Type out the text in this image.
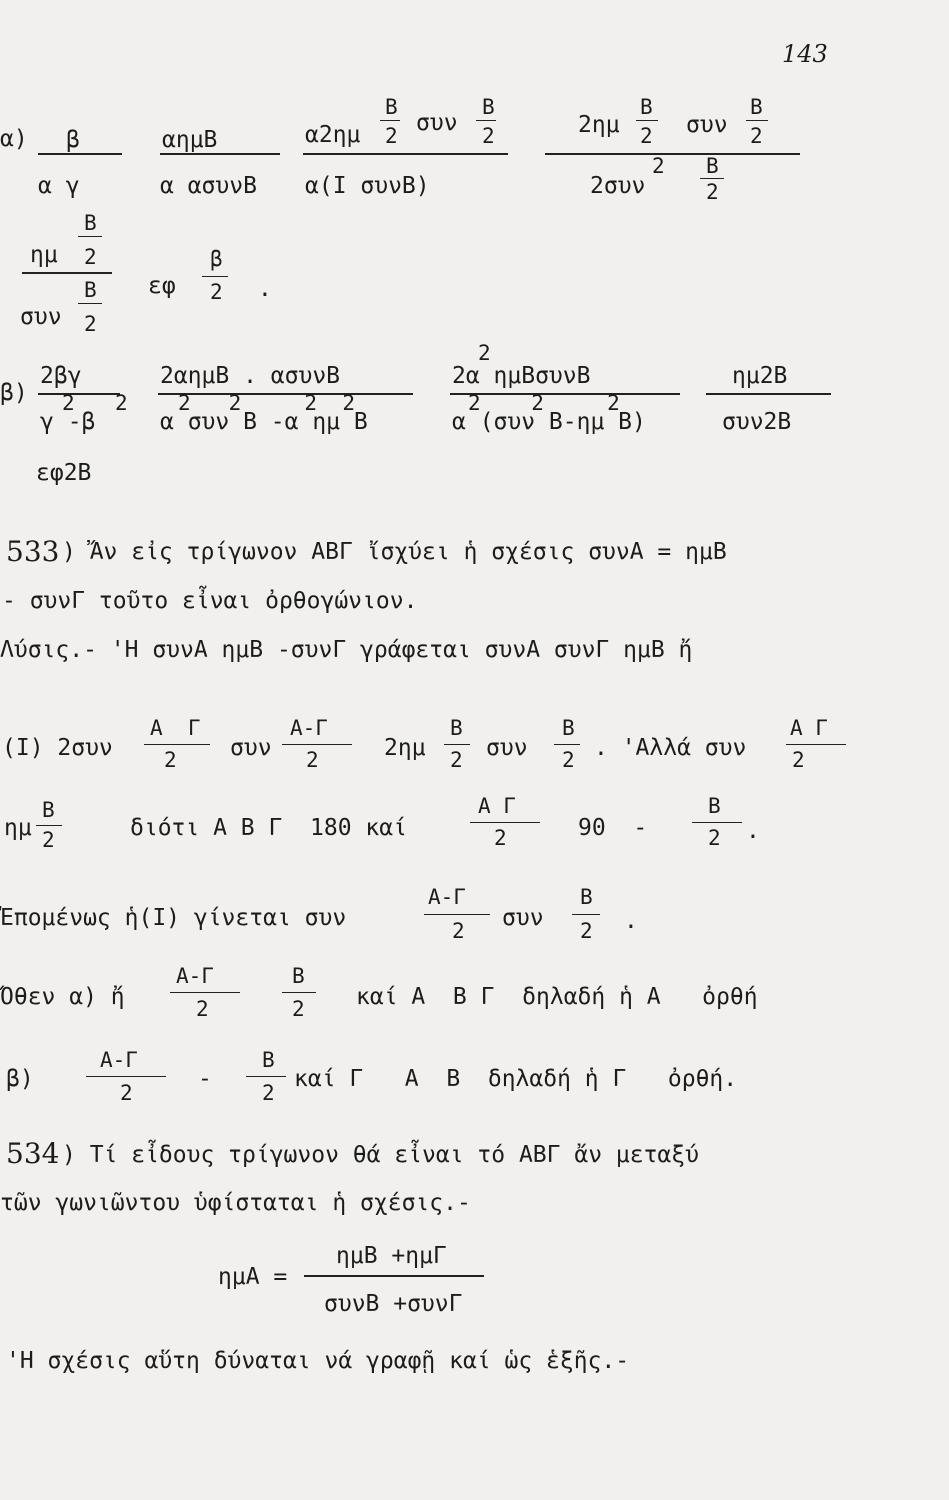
143
α) β
α γ
αημB
α ασυνB
B	B
α2ημ 2 συν 2
α(I συνB)
B	B
2ημ 2 συν 2
2συν
2 B
2
B
ημ 2
B
συν 2
εφ
β
2 .
β)
2βγ
γ -β
2 2
2αημB . ασυνB
2   2     2  2
α συν B -α ημ B
2
2α ημBσυνB
2    2     2
α (συν B-ημ B)
ημ2B
συν2B
εφ2B
533 ) Ἄν εἰς τρίγωνον ΑΒΓ ἴσχύει ἡ σχέσις συνΑ = ημΒ
- συνΓ τοῦτο εἶναι ὀρθογώνιον.
Λύσις.- 'Η συνΑ ημΒ -συνΓ γράφεται συνΑ συνΓ ημΒ ἤ
(I) 2συν
Α  Γ
2 συν
Α-Γ
2	2ημ
Β
2 συν
Β
2 . 'Αλλά συν
Α Γ
2
ημ
Β
2	διότι Α Β Γ  180 καί
Α Γ
2	90  -
Β
2 .
Ἐπομένως ἡ(I) γίνεται συν
Α-Γ
2 συν
Β
2 .
Ὅθεν α) ἤ
Α-Γ
2
Β
2 καί Α  Β Γ  δηλαδή ἡ Α   ὀρθή
β)
Α-Γ
2
-
Β
2
καί Γ   Α  Β  δηλαδή ἡ Γ   ὀρθή.
534 ) Τί εἶδους τρίγωνον θά εἶναι τό ΑΒΓ ἄν μεταξύ
τῶν γωνιῶντου ὑφίσταται ἡ σχέσις.-
ημΑ =
ημΒ +ημΓ
συνΒ +συνΓ
'Η σχέσις αὕτη δύναται νά γραφῇ καί ὡς ἑξῆς.-
